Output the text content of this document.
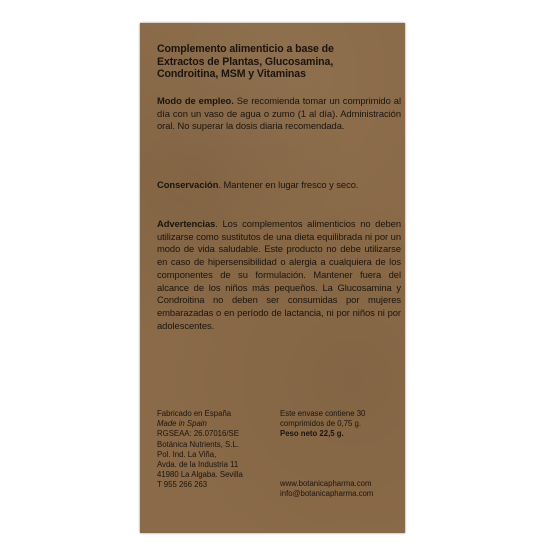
Complemento alimenticio a base de
Extractos de Plantas, Glucosamina,
Condroitina, MSM y Vitaminas
Modo de empleo. Se recomienda tomar un comprimido al día con un vaso de agua o zumo (1 al día). Administración oral. No superar la dosis diaria recomendada.
Conservación. Mantener en lugar fresco y seco.
Advertencias. Los complementos alimenticios no deben utilizarse como sustitutos de una dieta equilibrada ni por un modo de vida saludable. Este producto no debe utilizarse en caso de hipersensibilidad o alergia a cualquiera de los componentes de su formulación. Mantener fuera del alcance de los niños más pequeños. La Glucosamina y Condroitina no deben ser consumidas por mujeres embarazadas o en período de lactancia, ni por niños ni por adolescentes.
Fabricado en España
Made in Spain
RGSEAA: 26.07016/SE
Botánica Nutrients, S.L.
Pol. Ind. La Viña,
Avda. de la Industria 11
41980 La Algaba. Sevilla
T 955 266 263
Este envase contiene 30
comprimidos de 0,75 g.
Peso neto 22,5 g.
www.botanicapharma.com
info@botanicapharma.com
